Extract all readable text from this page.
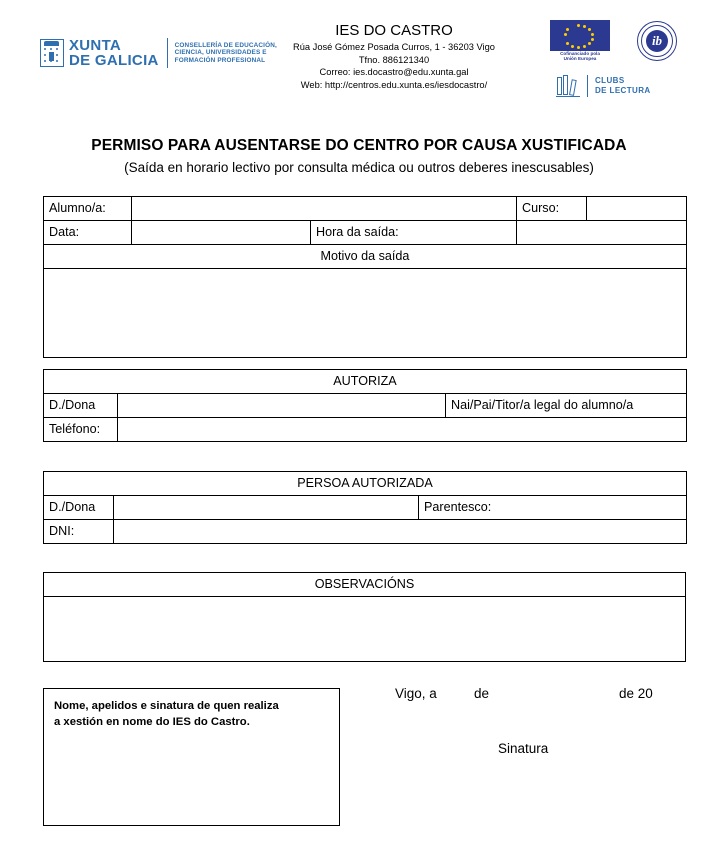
XUNTA
DE GALICIA
CONSELLERÍA DE EDUCACIÓN,
CIENCIA, UNIVERSIDADES E
FORMACIÓN PROFESIONAL
IES DO CASTRO
Rúa José Gómez Posada Curros, 1 - 36203 Vigo
Tfno. 886121340
Correo: ies.docastro@edu.xunta.gal
Web: http://centros.edu.xunta.es/iesdocastro/
Cofinanciado pola
Unión Europea
ib
CLUBS
DE LECTURA
PERMISO PARA AUSENTARSE DO CENTRO POR CAUSA XUSTIFICADA
(Saída en horario lectivo por consulta médica ou outros deberes inescusables)
Alumno/a:			Curso:	
Data:		Hora da saída:		
Motivo da saída				

AUTORIZA		
D./Dona		Nai/Pai/Titor/a legal do alumno/a
Teléfono:		
PERSOA AUTORIZADA		
D./Dona		Parentesco:
DNI:		
OBSERVACIÓNS

Nome, apelidos e sinatura de quen realiza
a xestión en nome do IES do Castro.
Vigo, a	de	de 20
Sinatura
